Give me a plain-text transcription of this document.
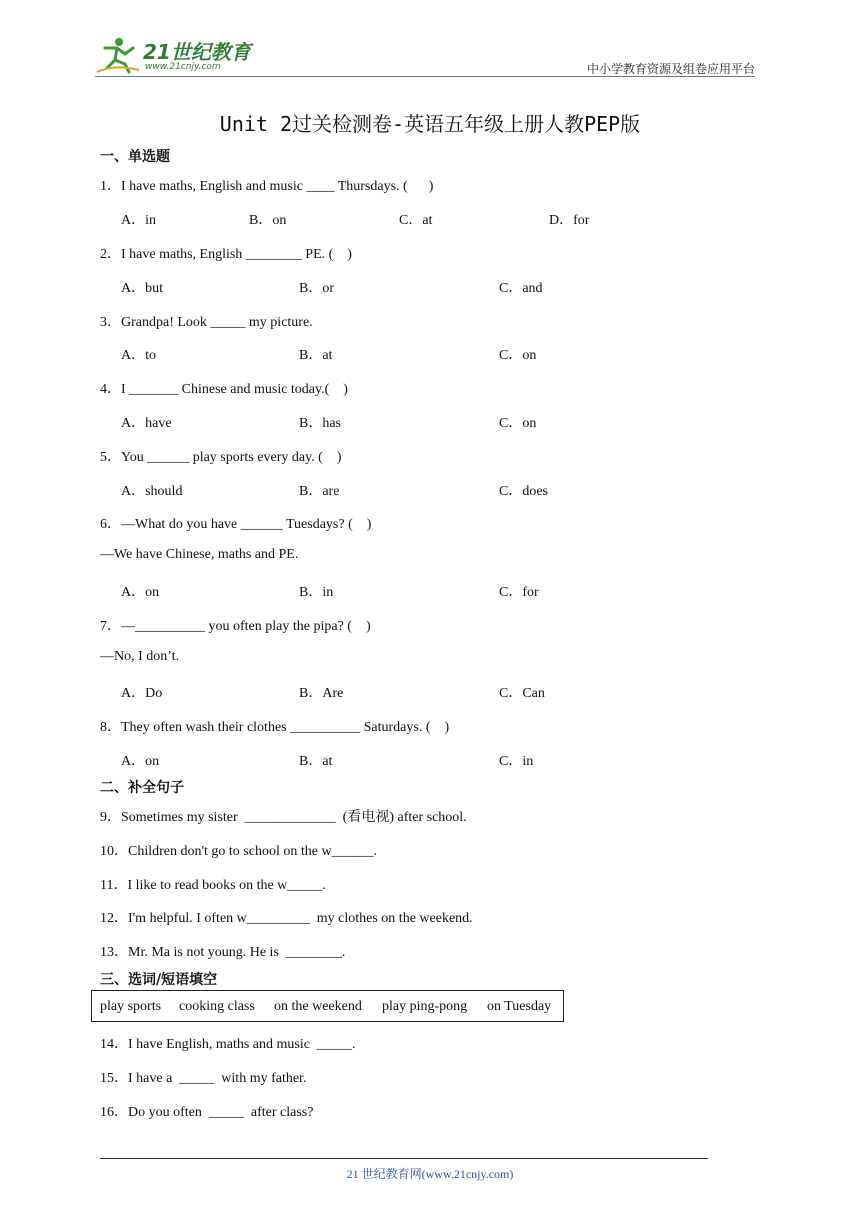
21世纪教育
www.21cnjy.com	中小学教育资源及组卷应用平台
Unit 2过关检测卷-英语五年级上册人教PEP版
一、单选题
1．I have maths, English and music ____ Thursdays. (      )
A．in	B．on	C．at	D．for
2．I have maths, English ________ PE. (    )
A．but	B．or	C．and
3．Grandpa! Look _____ my picture.
A．to	B．at	C．on
4．I _______ Chinese and music today.(    )
A．have	B．has	C．on
5．You ______ play sports every day. (    )
A．should	B．are	C．does
6．—What do you have ______ Tuesdays? (    )
—We have Chinese, maths and PE.
A．on	B．in	C．for
7．—__________ you often play the pipa? (    )
—No, I don’t.
A．Do	B．Are	C．Can
8．They often wash their clothes __________ Saturdays. (    )
A．on	B．at	C．in
二、补全句子
9．Sometimes my sister  _____________  (看电视) after school.
10．Children don't go to school on the w______.
11．I like to read books on the w_____.
12．I'm helpful. I often w_________  my clothes on the weekend.
13．Mr. Ma is not young. He is  ________.
三、选词/短语填空
play sports cooking class on the weekend play ping-pong on Tuesday
14．I have English, maths and music  _____.
15．I have a  _____  with my father.
16．Do you often  _____  after class?
21 世纪教育网(www.21cnjy.com)
